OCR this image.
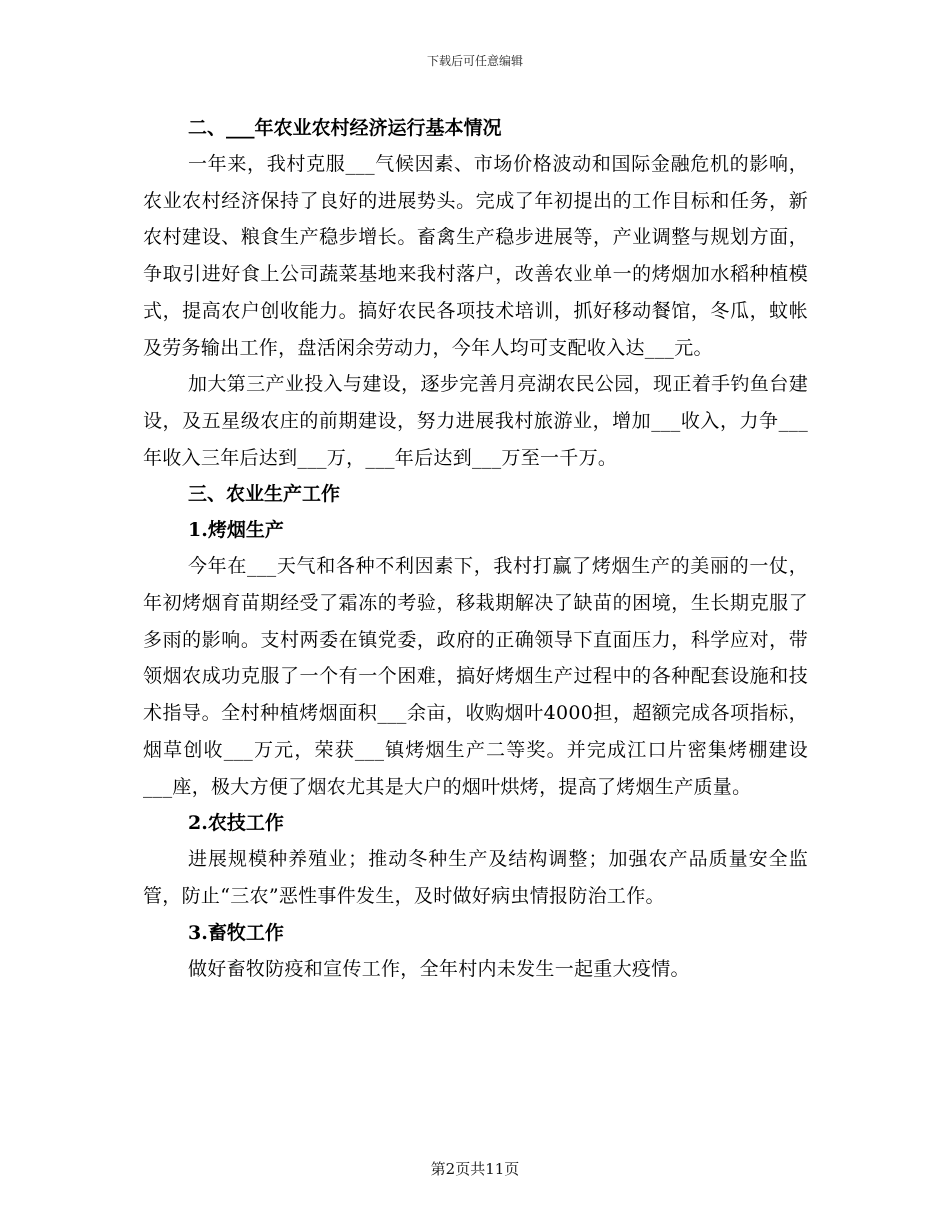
下载后可任意编辑

二、___年农业农村经济运行基本情况

一年来，我村克服___气候因素、市场价格波动和国际金融危机的影响，农业农村经济保持了良好的进展势头。完成了年初提出的工作目标和任务，新农村建设、粮食生产稳步增长。畜禽生产稳步进展等，产业调整与规划方面，争取引进好食上公司蔬菜基地来我村落户，改善农业单一的烤烟加水稻种植模式，提高农户创收能力。搞好农民各项技术培训，抓好移动餐馆，冬瓜，蚊帐及劳务输出工作，盘活闲余劳动力，今年人均可支配收入达___元。

加大第三产业投入与建设，逐步完善月亮湖农民公园，现正着手钓鱼台建设，及五星级农庄的前期建设，努力进展我村旅游业，增加___收入，力争___年收入三年后达到___万，___年后达到___万至一千万。

三、农业生产工作

1.烤烟生产

今年在___天气和各种不利因素下，我村打赢了烤烟生产的美丽的一仗，年初烤烟育苗期经受了霜冻的考验，移栽期解决了缺苗的困境，生长期克服了多雨的影响。支村两委在镇党委，政府的正确领导下直面压力，科学应对，带领烟农成功克服了一个有一个困难，搞好烤烟生产过程中的各种配套设施和技术指导。全村种植烤烟面积___余亩，收购烟叶4000担，超额完成各项指标，烟草创收___万元，荣获___镇烤烟生产二等奖。并完成江口片密集烤棚建设___座，极大方便了烟农尤其是大户的烟叶烘烤，提高了烤烟生产质量。

2.农技工作

进展规模种养殖业；推动冬种生产及结构调整；加强农产品质量安全监管，防止“三农”恶性事件发生，及时做好病虫情报防治工作。

3.畜牧工作

做好畜牧防疫和宣传工作，全年村内未发生一起重大疫情。

第2页共11页
